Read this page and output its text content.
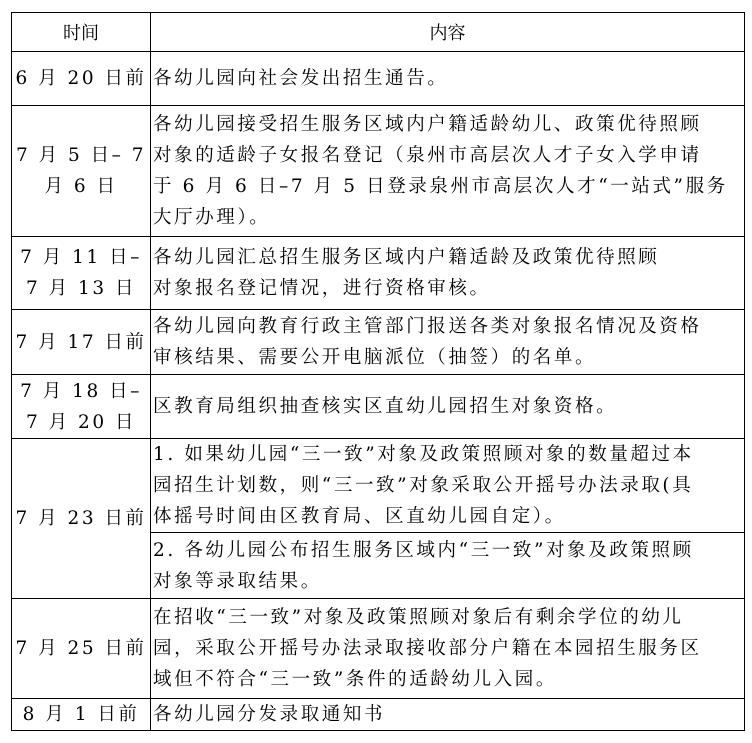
时间	内容
6 月 20 日前	各幼儿园向社会发出招生通告。

7 月 5 日– 7 月 6 日	各幼儿园接受招生服务区域内户籍适龄幼儿、政策优待照顾
对象的适龄子女报名登记（泉州市高层次人才子女入学申请
于 6 月 6 日–7 月 5 日登录泉州市高层次人才“一站式”服务
大厅办理）。

7 月 11 日– 7 月 13 日	各幼儿园汇总招生服务区域内户籍适龄及政策优待照顾
对象报名登记情况，进行资格审核。

7 月 17 日前	各幼儿园向教育行政主管部门报送各类对象报名情况及资格
审核结果、需要公开电脑派位（抽签）的名单。

7 月 18 日– 7 月 20 日	区教育局组织抽查核实区直幼儿园招生对象资格。

7 月 23 日前	1. 如果幼儿园“三一致”对象及政策照顾对象的数量超过本
园招生计划数，则“三一致”对象采取公开摇号办法录取(具
体摇号时间由区教育局、区直幼儿园自定）。

	2. 各幼儿园公布招生服务区域内“三一致”对象及政策照顾
对象等录取结果。

7 月 25 日前	在招收“三一致”对象及政策照顾对象后有剩余学位的幼儿
园，采取公开摇号办法录取接收部分户籍在本园招生服务区
域但不符合“三一致”条件的适龄幼儿入园。

8 月 1 日前	各幼儿园分发录取通知书
